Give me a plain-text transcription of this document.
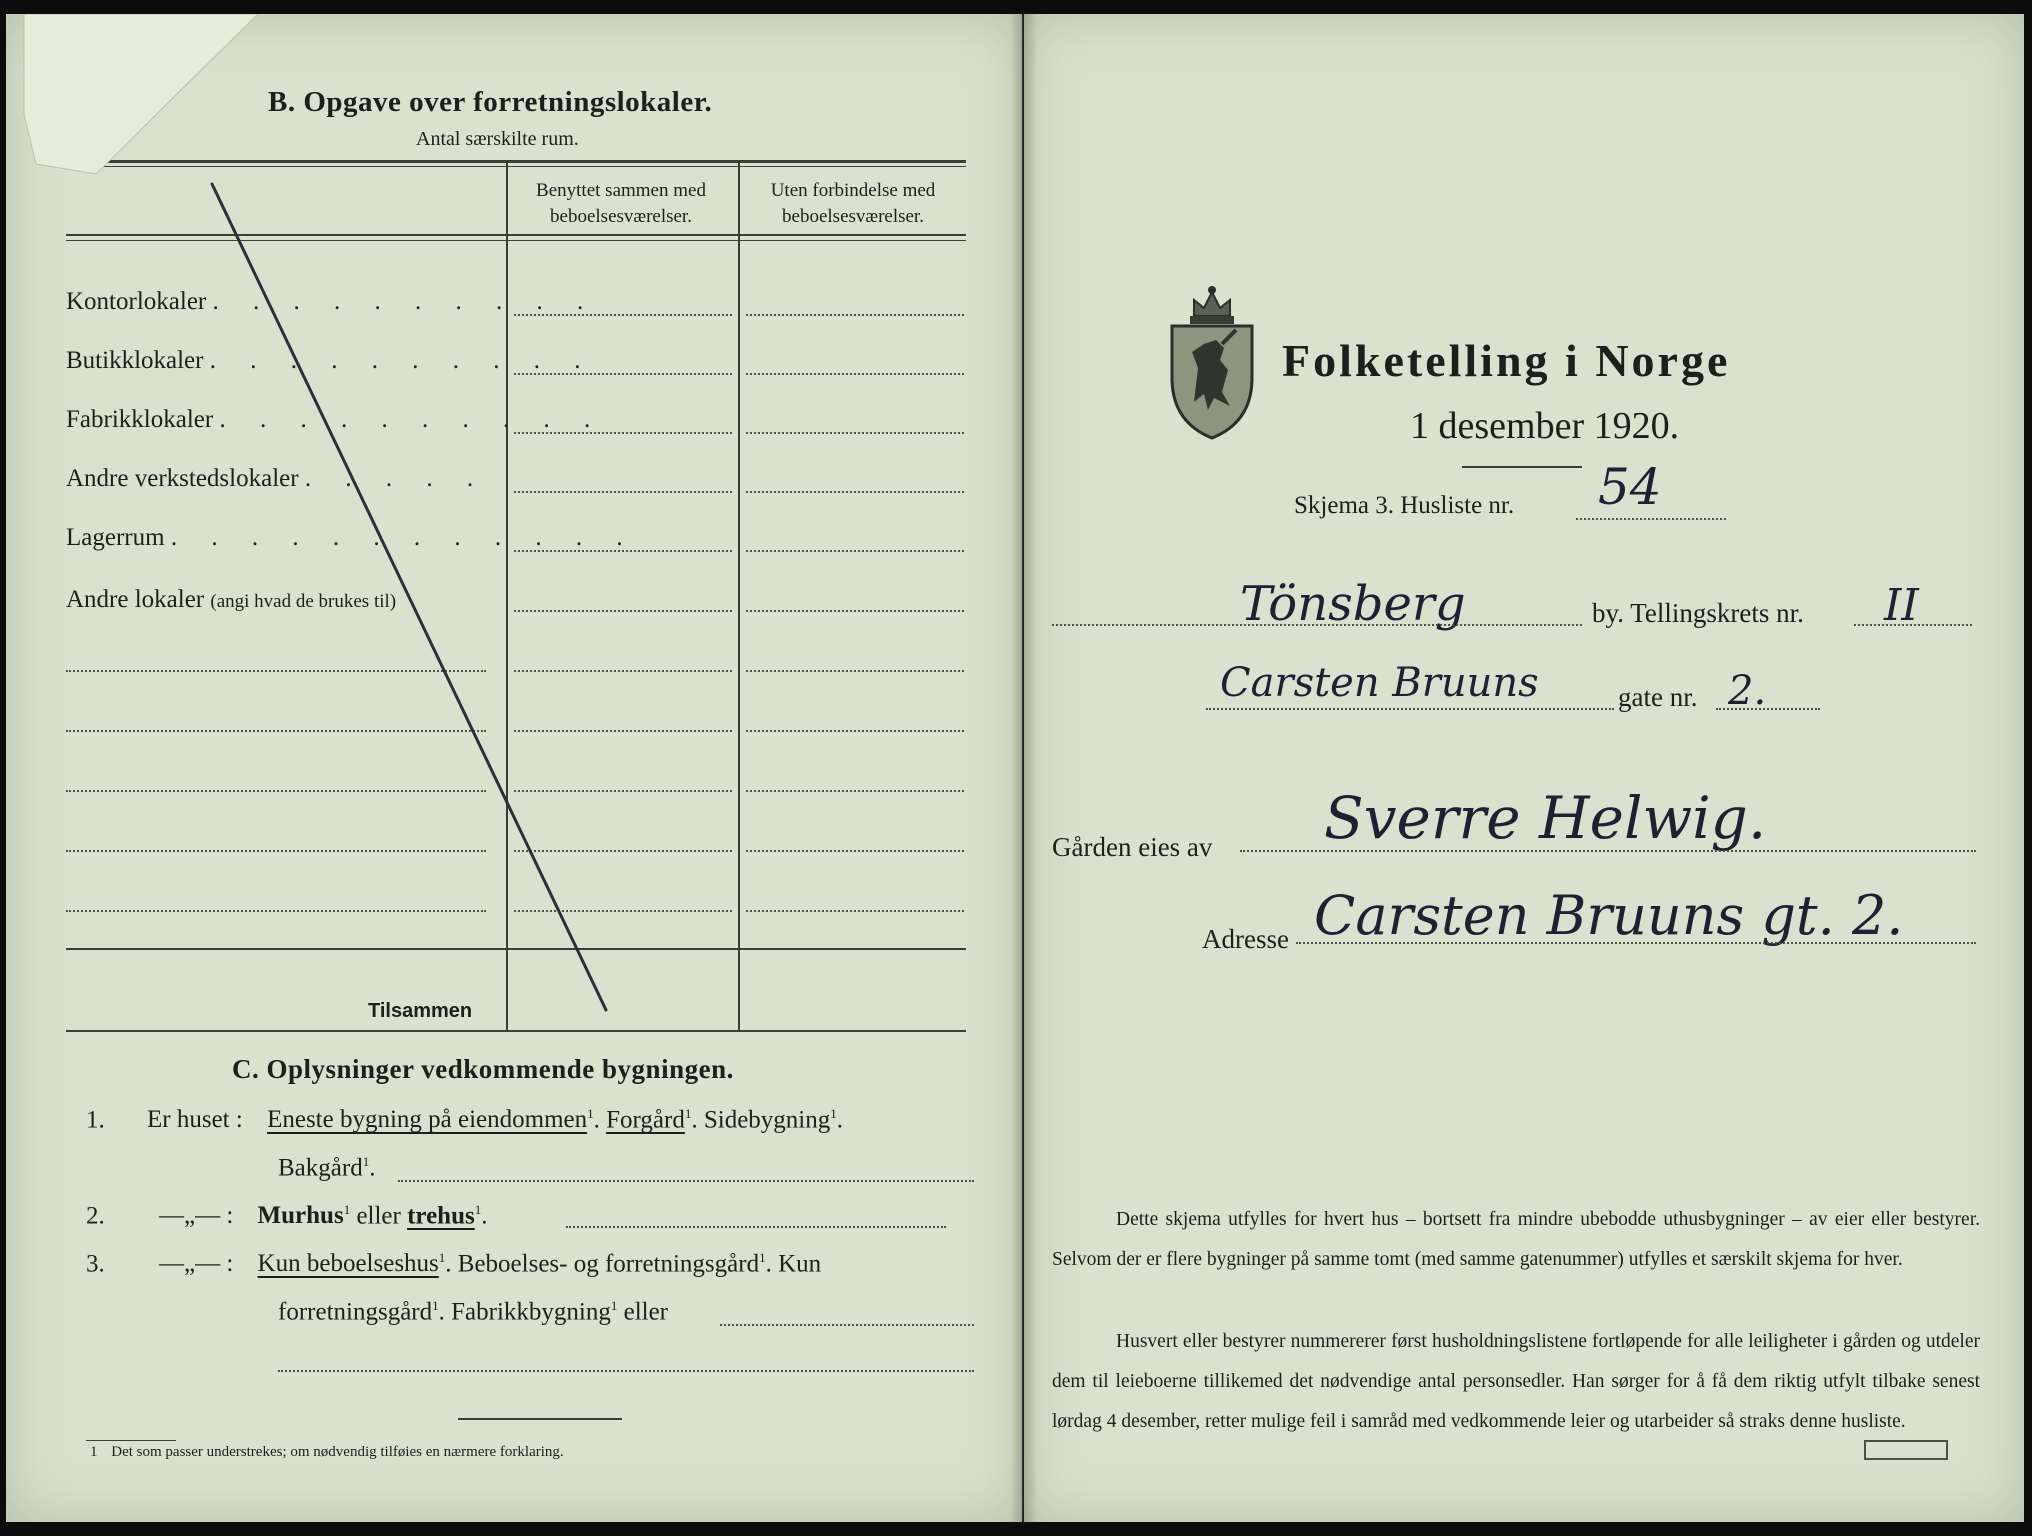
B. Opgave over forretningslokaler.
Antal særskilte rum.
Benyttet sammen med
beboelsesværelser.
Uten forbindelse med
beboelsesværelser.
Kontorlokaler . . . . . . . . . .
Butikklokaler . . . . . . . . . .
Fabrikklokaler . . . . . . . . . .
Andre verkstedslokaler . . . . .
Lagerrum . . . . . . . . . . . .
Andre lokaler (angi hvad de brukes til)
Tilsammen
C. Oplysninger vedkommende bygningen.
1. Er huset : Eneste bygning på eiendommen$^1$. Forgård$^1$. Sidebygning$^1$.
Bakgård$^1$.
2. —„— : Murhus$^1$ eller trehus$^1$.
3. —„— : Kun beboelseshus$^1$. Beboelses- og forretningsgård$^1$. Kun
forretningsgård$^1$. Fabrikkbygning$^1$ eller
1 Det som passer understrekes; om nødvendig tilføies en nærmere forklaring.
Folketelling i Norge
1 desember 1920.
Skjema 3. Husliste nr. 54
Tönsberg	by. Tellingskrets nr. II
Carsten Bruuns	gate nr. 2.
Gården eies av Sverre Helwig.
Adresse Carsten Bruuns gt. 2.
Dette skjema utfylles for hvert hus – bortsett fra mindre ubebodde uthusbygninger – av eier eller bestyrer. Selvom der er flere bygninger på samme tomt (med samme gatenummer) utfylles et særskilt skjema for hver.
Husvert eller bestyrer nummererer først husholdningslistene fortløpende for alle leiligheter i gården og utdeler dem til leieboerne tillikemed det nødvendige antal personsedler. Han sørger for å få dem riktig utfylt tilbake senest lørdag 4 desember, retter mulige feil i samråd med vedkommende leier og utarbeider så straks denne husliste.
